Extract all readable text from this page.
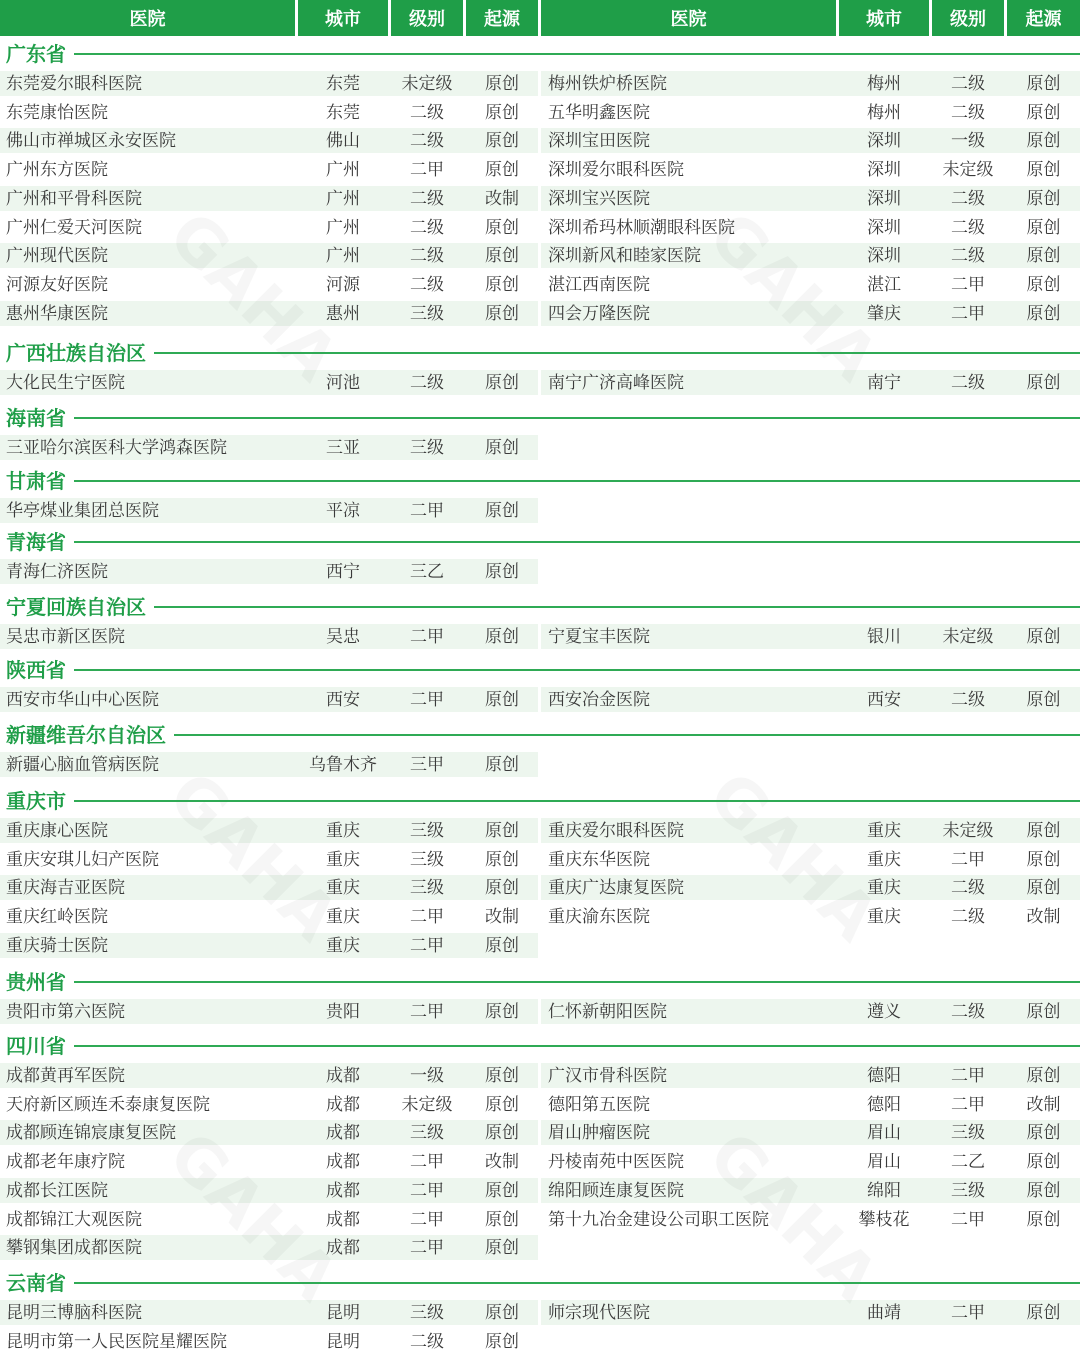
广东省
东莞爱尔眼科医院	东莞	未定级	原创	梅州铁炉桥医院	梅州	二级	原创
东莞康怡医院	东莞	二级	原创	五华明鑫医院	梅州	二级	原创
佛山市禅城区永安医院	佛山	二级	原创	深圳宝田医院	深圳	一级	原创
广州东方医院	广州	二甲	原创	深圳爱尔眼科医院	深圳	未定级	原创
广州和平骨科医院	广州	二级	改制	深圳宝兴医院	深圳	二级	原创
广州仁爱天河医院	广州	二级	原创	深圳希玛林顺潮眼科医院	深圳	二级	原创
广州现代医院	广州	二级	原创	深圳新风和睦家医院	深圳	二级	原创
河源友好医院	河源	二级	原创	湛江西南医院	湛江	二甲	原创
惠州华康医院	惠州	三级	原创	四会万隆医院	肇庆	二甲	原创
广西壮族自治区
大化民生宁医院	河池	二级	原创	南宁广济高峰医院	南宁	二级	原创
海南省
三亚哈尔滨医科大学鸿森医院	三亚	三级	原创
甘肃省
华亭煤业集团总医院	平凉	二甲	原创
青海省
青海仁济医院	西宁	三乙	原创
宁夏回族自治区
吴忠市新区医院	吴忠	二甲	原创	宁夏宝丰医院	银川	未定级	原创
陕西省
西安市华山中心医院	西安	二甲	原创	西安冶金医院	西安	二级	原创
新疆维吾尔自治区
新疆心脑血管病医院	乌鲁木齐	三甲	原创
重庆市
重庆康心医院	重庆	三级	原创	重庆爱尔眼科医院	重庆	未定级	原创
重庆安琪儿妇产医院	重庆	三级	原创	重庆东华医院	重庆	二甲	原创
重庆海吉亚医院	重庆	三级	原创	重庆广达康复医院	重庆	二级	原创
重庆红岭医院	重庆	二甲	改制	重庆渝东医院	重庆	二级	改制
重庆骑士医院	重庆	二甲	原创
贵州省
贵阳市第六医院	贵阳	二甲	原创	仁怀新朝阳医院	遵义	二级	原创
四川省
成都黄再军医院	成都	一级	原创	广汉市骨科医院	德阳	二甲	原创
天府新区顾连禾泰康复医院	成都	未定级	原创	德阳第五医院	德阳	二甲	改制
成都顾连锦宸康复医院	成都	三级	原创	眉山肿瘤医院	眉山	三级	原创
成都老年康疗院	成都	二甲	改制	丹棱南苑中医医院	眉山	二乙	原创
成都长江医院	成都	二甲	原创	绵阳顾连康复医院	绵阳	三级	原创
成都锦江大观医院	成都	二甲	原创	第十九冶金建设公司职工医院	攀枝花	二甲	原创
攀钢集团成都医院	成都	二甲	原创
云南省
昆明三博脑科医院	昆明	三级	原创	师宗现代医院	曲靖	二甲	原创
昆明市第一人民医院星耀医院	昆明	二级	原创
医院	城市	级别	起源	医院	城市	级别	起源
